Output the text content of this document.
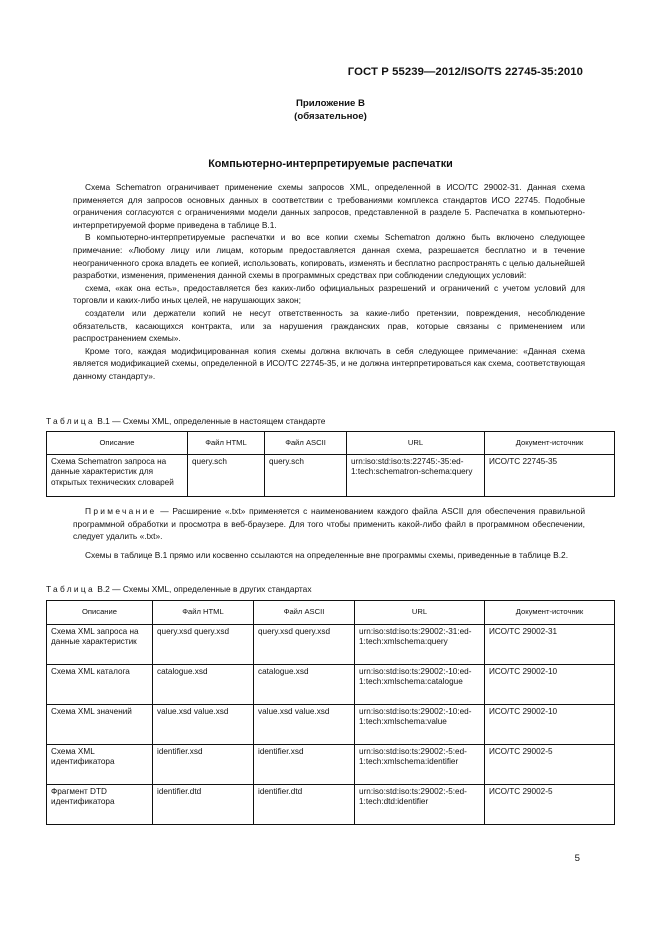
ГОСТ Р 55239—2012/ISO/TS 22745-35:2010
Приложение В
(обязательное)
Компьютерно-интерпретируемые распечатки

Схема Schematron ограничивает применение схемы запросов XML, определенной в ИСО/ТС 29002-31. Данная схема применяется для запросов основных данных в соответствии с требованиями комплекса стандартов ИСО 22745. Подобные ограничения согласуются с ограничениями модели данных запросов, представленной в разделе 5. Распечатка в компьютерно-интерпретируемой форме приведена в таблице В.1.

В компьютерно-интерпретируемые распечатки и во все копии схемы Schematron должно быть включено следующее примечание: «Любому лицу или лицам, которым предоставляется данная схема, разрешается бесплатно и в течение неограниченного срока владеть ее копией, использовать, копировать, изменять и бесплатно распространять с целью дальнейшей разработки, изменения, применения данной схемы в программных средствах при соблюдении следующих условий:

схема, «как она есть», предоставляется без каких-либо официальных разрешений и ограничений с учетом условий для торговли и каких-либо иных целей, не нарушающих закон;

создатели или держатели копий не несут ответственность за какие-либо претензии, повреждения, несоблюдение обязательств, касающихся контракта, или за нарушения гражданских прав, которые связаны с применением или распространением схемы».

Кроме того, каждая модифицированная копия схемы должна включать в себя следующее примечание: «Данная схема является модификацией схемы, определенной в ИСО/ТС 22745-35, и не должна интерпретироваться как схема, соответствующая данному стандарту».

Таблица В.1 — Схемы XML, определенные в настоящем стандарте
Описание	Файл HTML	Файл ASCII	URL	Документ-источник
Схема Schematron запроса на данные характеристик для открытых технических словарей	query.sch	query.sch	urn:iso:std:iso:ts:22745:-35:ed-1:tech:schematron-schema:query	ИСО/ТС 22745-35

Примечание — Расширение «.txt» применяется с наименованием каждого файла ASCII для обеспечения правильной программной обработки и просмотра в веб-браузере. Для того чтобы применить какой-либо файл в программном обеспечении, следует удалить «.txt».

Схемы в таблице В.1 прямо или косвенно ссылаются на определенные вне программы схемы, приведенные в таблице В.2.

Таблица В.2 — Схемы XML, определенные в других стандартах
Описание	Файл HTML	Файл ASCII	URL	Документ-источник
Схема XML запроса на данные характеристик	query.xsd query.xsd	query.xsd query.xsd	urn:iso:std:iso:ts:29002:-31:ed-1:tech:xmlschema:query	ИСО/ТС 29002-31
Схема XML каталога	catalogue.xsd	catalogue.xsd	urn:iso:std:iso:ts:29002:-10:ed-1:tech:xmlschema:catalogue	ИСО/ТС 29002-10
Схема XML значений	value.xsd value.xsd	value.xsd value.xsd	urn:iso:std:iso:ts:29002:-10:ed-1:tech:xmlschema:value	ИСО/ТС 29002-10
Схема XML идентификатора	identifier.xsd	identifier.xsd	urn:iso:std:iso:ts:29002:-5:ed-1:tech:xmlschema:identifier	ИСО/ТС 29002-5
Фрагмент DTD идентификатора	identifier.dtd	identifier.dtd	urn:iso:std:iso:ts:29002:-5:ed-1:tech:dtd:identifier	ИСО/ТС 29002-5
5
